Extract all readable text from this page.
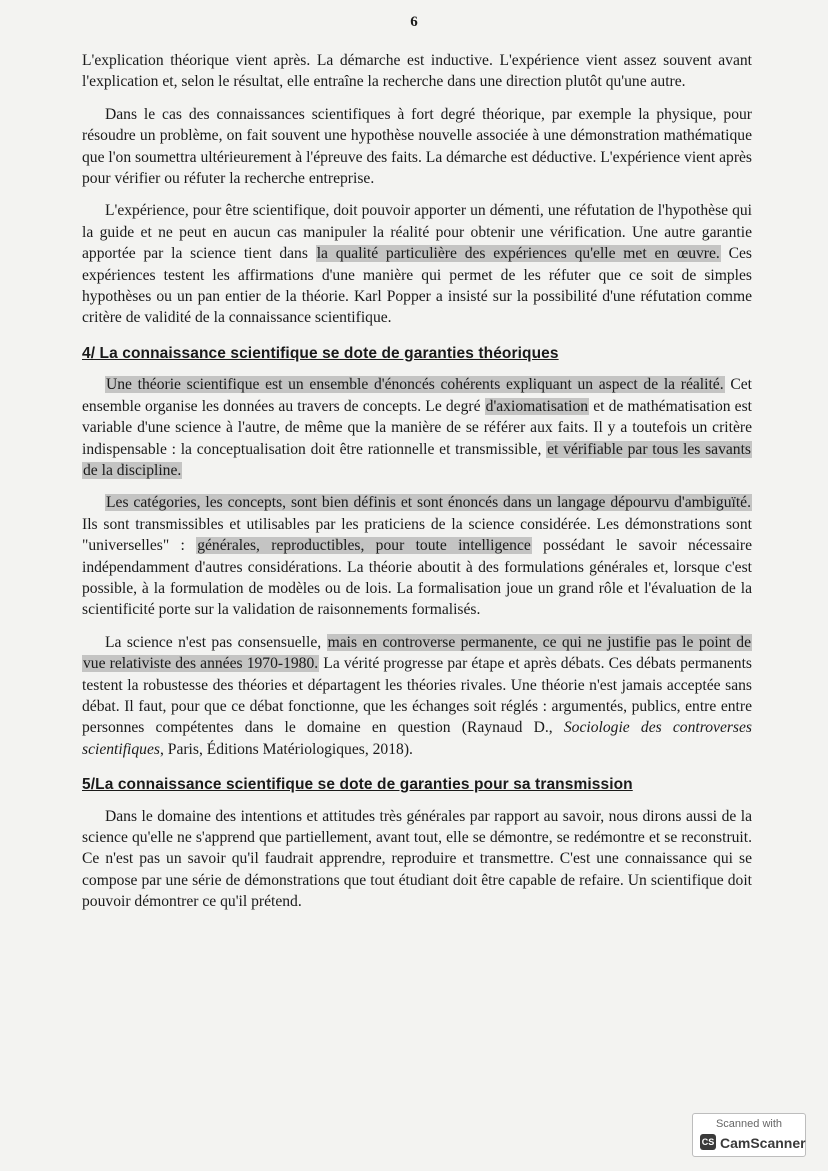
6

L'explication théorique vient après. La démarche est inductive. L'expérience vient assez souvent avant l'explication et, selon le résultat, elle entraîne la recherche dans une direction plutôt qu'une autre.

Dans le cas des connaissances scientifiques à fort degré théorique, par exemple la physique, pour résoudre un problème, on fait souvent une hypothèse nouvelle associée à une démonstration mathématique que l'on soumettra ultérieurement à l'épreuve des faits. La démarche est déductive. L'expérience vient après pour vérifier ou réfuter la recherche entreprise.

L'expérience, pour être scientifique, doit pouvoir apporter un démenti, une réfutation de l'hypothèse qui la guide et ne peut en aucun cas manipuler la réalité pour obtenir une vérification. Une autre garantie apportée par la science tient dans la qualité particulière des expériences qu'elle met en œuvre. Ces expériences testent les affirmations d'une manière qui permet de les réfuter que ce soit de simples hypothèses ou un pan entier de la théorie. Karl Popper a insisté sur la possibilité d'une réfutation comme critère de validité de la connaissance scientifique.

4/ La connaissance scientifique se dote de garanties théoriques

Une théorie scientifique est un ensemble d'énoncés cohérents expliquant un aspect de la réalité. Cet ensemble organise les données au travers de concepts. Le degré d'axiomatisation et de mathématisation est variable d'une science à l'autre, de même que la manière de se référer aux faits. Il y a toutefois un critère indispensable : la conceptualisation doit être rationnelle et transmissible, et vérifiable par tous les savants de la discipline.

Les catégories, les concepts, sont bien définis et sont énoncés dans un langage dépourvu d'ambiguïté. Ils sont transmissibles et utilisables par les praticiens de la science considérée. Les démonstrations sont "universelles" : générales, reproductibles, pour toute intelligence possédant le savoir nécessaire indépendamment d'autres considérations. La théorie aboutit à des formulations générales et, lorsque c'est possible, à la formulation de modèles ou de lois. La formalisation joue un grand rôle et l'évaluation de la scientificité porte sur la validation de raisonnements formalisés.

La science n'est pas consensuelle, mais en controverse permanente, ce qui ne justifie pas le point de vue relativiste des années 1970-1980. La vérité progresse par étape et après débats. Ces débats permanents testent la robustesse des théories et départagent les théories rivales. Une théorie n'est jamais acceptée sans débat. Il faut, pour que ce débat fonctionne, que les échanges soit réglés : argumentés, publics, entre entre personnes compétentes dans le domaine en question (Raynaud D., Sociologie des controverses scientifiques, Paris, Éditions Matériologiques, 2018).

5/La connaissance scientifique se dote de garanties pour sa transmission

Dans le domaine des intentions et attitudes très générales par rapport au savoir, nous dirons aussi de la science qu'elle ne s'apprend que partiellement, avant tout, elle se démontre, se redémontre et se reconstruit. Ce n'est pas un savoir qu'il faudrait apprendre, reproduire et transmettre. C'est une connaissance qui se compose par une série de démonstrations que tout étudiant doit être capable de refaire. Un scientifique doit pouvoir démontrer ce qu'il prétend.

Scanned with
CS CamScanner
